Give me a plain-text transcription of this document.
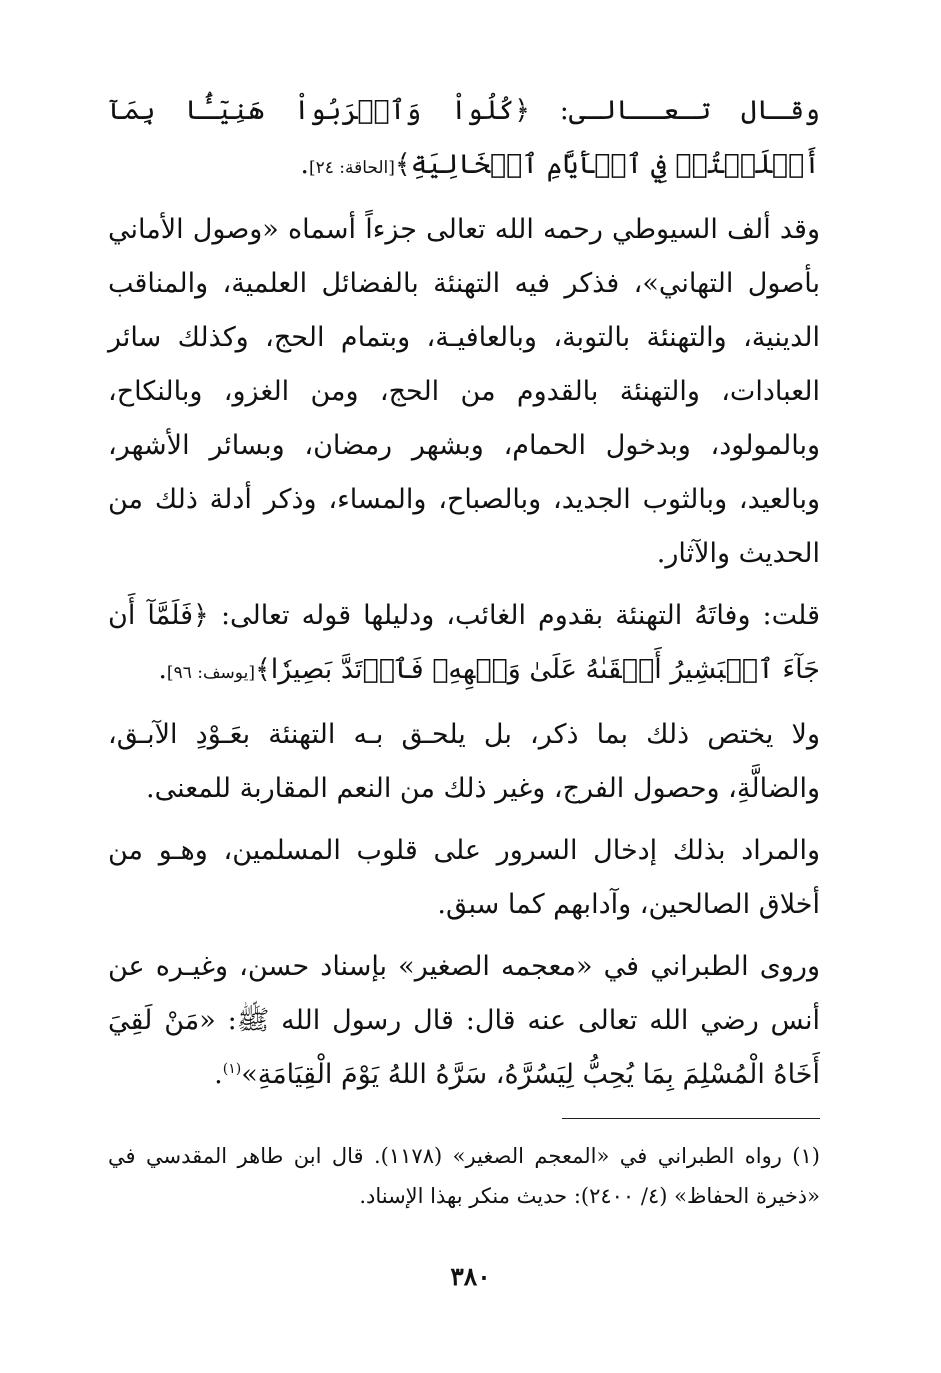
وقـال تـعــالـى: ﴿كُلُواْ وَٱشۡرَبُواْ هَنِيٓـَٔۢا بِمَآ أَسۡلَفۡتُمۡ فِي ٱلۡأَيَّامِ ٱلۡخَالِيَةِ﴾[الحاقة: ٢٤].

وقد ألف السيوطي رحمه الله تعالى جزءاً أسماه «وصول الأماني بأصول التهاني»، فذكر فيه التهنئة بالفضائل العلمية، والمناقب الدينية، والتهنئة بالتوبة، وبالعافيـة، وبتمام الحج، وكذلك سائر العبادات، والتهنئة بالقدوم من الحج، ومن الغزو، وبالنكاح، وبالمولود، وبدخول الحمام، وبشهر رمضان، وبسائر الأشهر، وبالعيد، وبالثوب الجديد، وبالصباح، والمساء، وذكر أدلة ذلك من الحديث والآثار.

قلت: وفاتَهُ التهنئة بقدوم الغائب، ودليلها قوله تعالى: ﴿فَلَمَّآ أَن جَآءَ ٱلۡبَشِيرُ أَلۡقَىٰهُ عَلَىٰ وَجۡهِهِۦ فَٱرۡتَدَّ بَصِيرٗا﴾[يوسف: ٩٦].

ولا يختص ذلك بما ذكر، بل يلحـق بـه التهنئة بعَـوْدِ الآبـق، والضالَّةِ، وحصول الفرج، وغير ذلك من النعم المقاربة للمعنى.

والمراد بذلك إدخال السرور على قلوب المسلمين، وهـو من أخلاق الصالحين، وآدابهم كما سبق.

وروى الطبراني في «معجمه الصغير» بإسناد حسن، وغيـره عن أنس رضي الله تعالى عنه قال: قال رسول الله ﷺ: «مَنْ لَقِيَ أَخَاهُ الْمُسْلِمَ بِمَا يُحِبُّ لِيَسُرَّهُ، سَرَّهُ اللهُ يَوْمَ الْقِيَامَةِ»$^{(١)}$.

(١) رواه الطبراني في «المعجم الصغير» (١١٧٨). قال ابن طاهر المقدسي في «ذخيرة الحفاظ» (٤/ ٢٤٠٠): حديث منكر بهذا الإسناد.

٣٨٠
